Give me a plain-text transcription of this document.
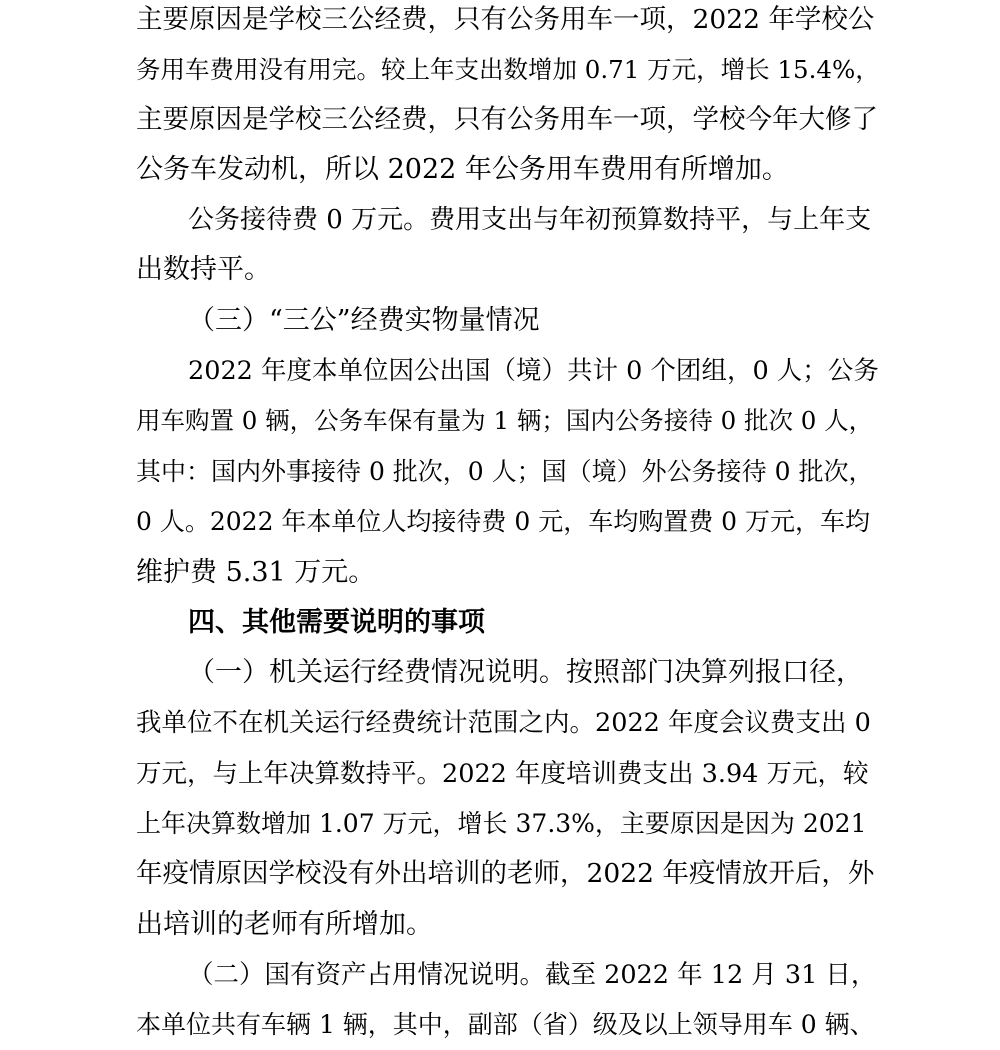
主要原因是学校三公经费，只有公务用车一项，2022 年学校公

务用车费用没有用完。较上年支出数增加 0.71 万元，增长 15.4%，

主要原因是学校三公经费，只有公务用车一项，学校今年大修了

公务车发动机，所以 2022 年公务用车费用有所增加。

公务接待费 0 万元。费用支出与年初预算数持平，与上年支

出数持平。

（三）“三公”经费实物量情况

2022 年度本单位因公出国（境）共计 0 个团组，0 人；公务

用车购置 0 辆，公务车保有量为 1 辆；国内公务接待 0 批次 0 人，

其中：国内外事接待 0 批次，0 人；国（境）外公务接待 0 批次，

0 人。2022 年本单位人均接待费 0 元，车均购置费 0 万元，车均

维护费 5.31 万元。

四、其他需要说明的事项

（一）机关运行经费情况说明。按照部门决算列报口径，

我单位不在机关运行经费统计范围之内。2022 年度会议费支出 0

万元，与上年决算数持平。2022 年度培训费支出 3.94 万元，较

上年决算数增加 1.07 万元，增长 37.3%，主要原因是因为 2021

年疫情原因学校没有外出培训的老师，2022 年疫情放开后，外

出培训的老师有所增加。

（二）国有资产占用情况说明。截至 2022 年 12 月 31 日，

本单位共有车辆 1 辆，其中，副部（省）级及以上领导用车 0 辆、
